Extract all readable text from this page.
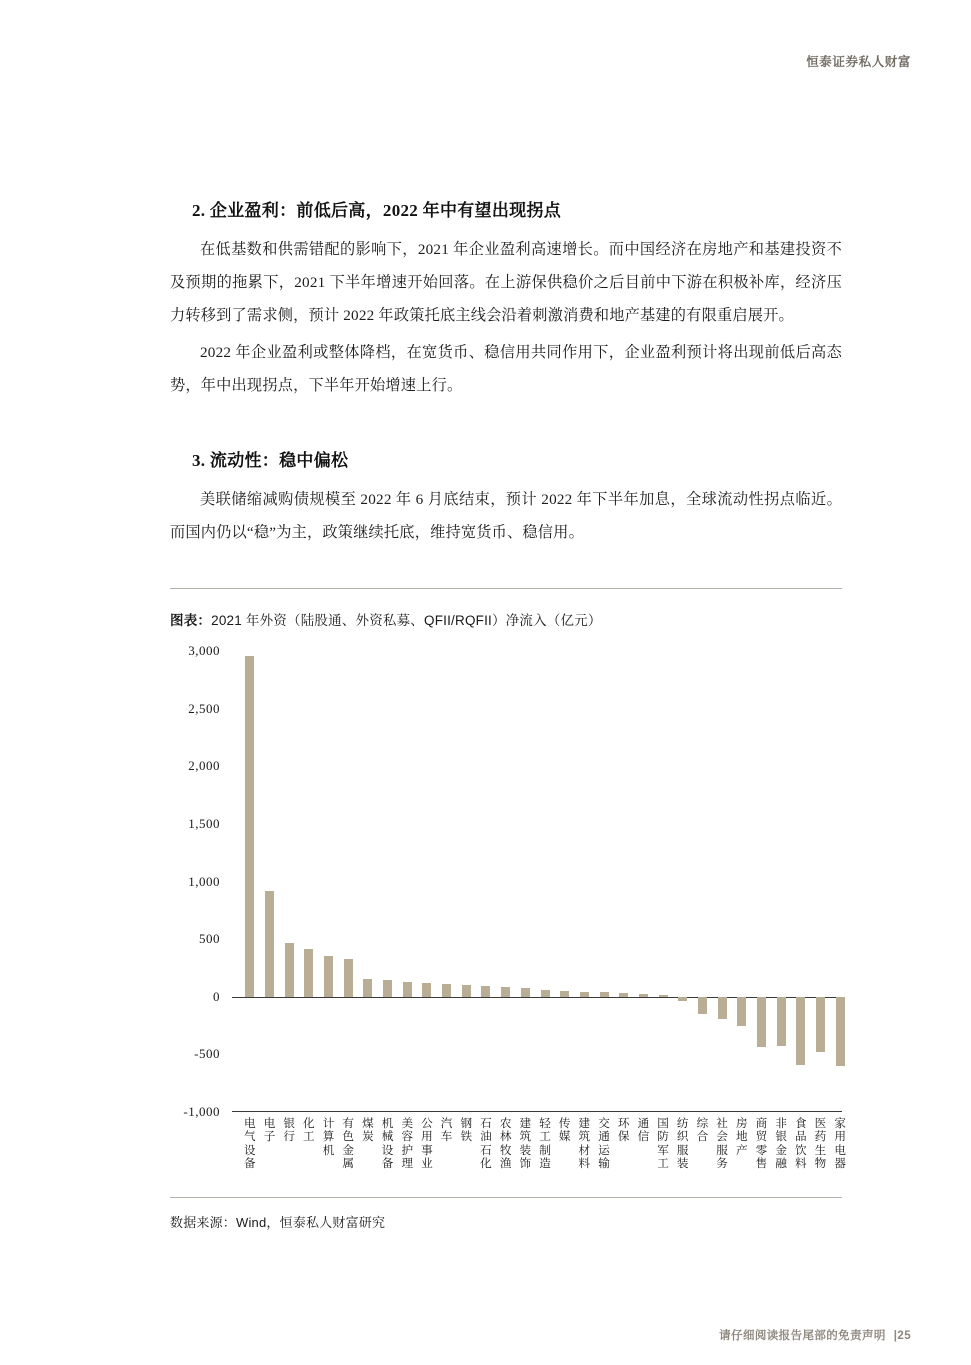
恒泰证券私人财富
2. 企业盈利：前低后高，2022 年中有望出现拐点

在低基数和供需错配的影响下，2021 年企业盈利高速增长。而中国经济在房地产和基建投资不及预期的拖累下，2021 下半年增速开始回落。在上游保供稳价之后目前中下游在积极补库，经济压力转移到了需求侧，预计 2022 年政策托底主线会沿着刺激消费和地产基建的有限重启展开。

2022 年企业盈利或整体降档，在宽货币、稳信用共同作用下，企业盈利预计将出现前低后高态势，年中出现拐点，下半年开始增速上行。

3. 流动性：稳中偏松

美联储缩减购债规模至 2022 年 6 月底结束，预计 2022 年下半年加息，全球流动性拐点临近。而国内仍以“稳”为主，政策继续托底，维持宽货币、稳信用。

图表：2021 年外资（陆股通、外资私募、QFII/RQFII）净流入（亿元）
3,000
2,500
2,000
1,500
1,000
500
0
-500
-1,000
电气设备
电子
银行
化工
计算机
有色金属
煤炭
机械设备
美容护理
公用事业
汽车
钢铁
石油石化
农林牧渔
建筑装饰
轻工制造
传媒
建筑材料
交通运输
环保
通信
国防军工
纺织服装
综合
社会服务
房地产
商贸零售
非银金融
食品饮料
医药生物
家用电器
数据来源：Wind，恒泰私人财富研究
请仔细阅读报告尾部的免责声明 |25
